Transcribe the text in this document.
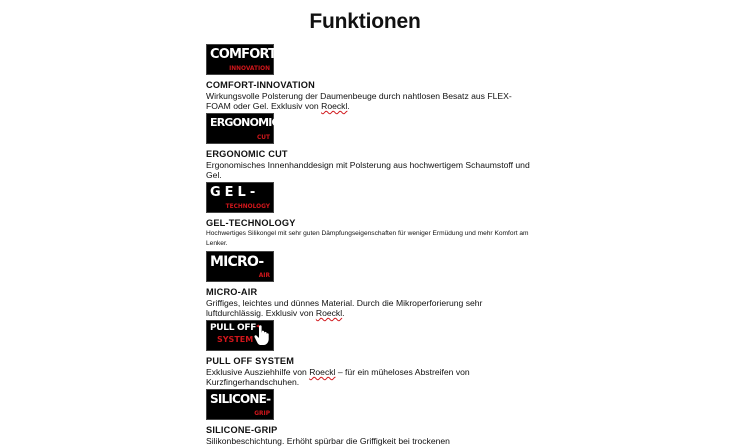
Funktionen
COMFORT-
INNOVATION
COMFORT-INNOVATION
Wirkungsvolle Polsterung der Daumenbeuge durch nahtlosen Besatz aus FLEX-FOAM oder Gel. Exklusiv von Roeckl.
ERGONOMIC
CUT
ERGONOMIC CUT
Ergonomisches Innenhanddesign mit Polsterung aus hochwertigem Schaumstoff und Gel.
GEL-
TECHNOLOGY
GEL-TECHNOLOGY
Hochwertiges Silikongel mit sehr guten Dämpfungseigenschaften für weniger Ermüdung und mehr Komfort am Lenker.
MICRO-
AIR
MICRO-AIR
Griffiges, leichtes und dünnes Material. Durch die Mikroperforierung sehr luftdurchlässig. Exklusiv von Roeckl.
PULL OFF
SYSTEM
PULL OFF SYSTEM
Exklusive Ausziehhilfe von Roeckl – für ein müheloses Abstreifen von Kurzfingerhandschuhen.
SILICONE-
GRIP
SILICONE-GRIP
Silikonbeschichtung. Erhöht spürbar die Griffigkeit bei trockenen
